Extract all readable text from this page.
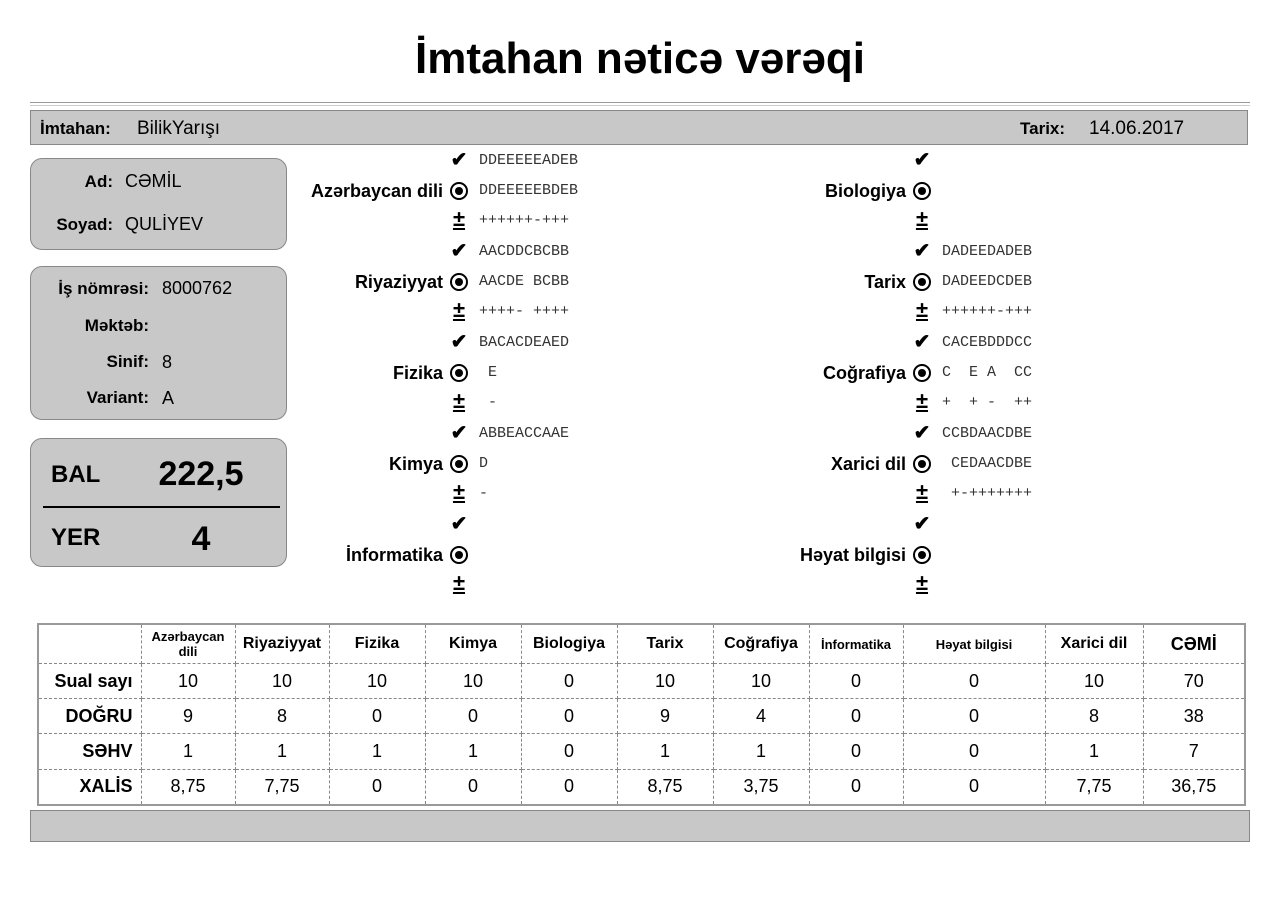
İmtahan nəticə vərəqi
İmtahan: BilikYarışı	Tarix: 14.06.2017
Ad: CƏMİL
Soyad: QULİYEV
İş nömrəsi: 8000762
Məktəb:
Sinif: 8
Variant: A
BAL	222,5
YER	4
✔
±
Azərbaycan dili
DDEEEEEADEB
DDEEEEEBDEB
++++++-+++
✔
±
Riyaziyyat
AACDDCBCBB
AACDE BCBB
++++- ++++
✔
±
Fizika
BACACDEAED
E
-
✔
±
Kimya
ABBEACCAAE
D
-
✔
±
İnformatika
✔
±
Biologiya
✔
±
Tarix
DADEEDADEB
DADEEDCDEB
++++++-+++
✔
±
Coğrafiya
CACEBDDDCC
C  E A  CC
+  + -  ++
✔
±
Xarici dil
CCBDAACDBE
CEDAACDBE
+-+++++++
✔
±
Həyat bilgisi
	Azərbaycan dili	Riyaziyyat	Fizika	Kimya	Biologiya	Tarix	Coğrafiya	İnformatika	Həyat bilgisi	Xarici dil	CƏMİ
Sual sayı	10	10	10	10	0	10	10	0	0	10	70
DOĞRU	9	8	0	0	0	9	4	0	0	8	38
SƏHV	1	1	1	1	0	1	1	0	0	1	7
XALİS	8,75	7,75	0	0	0	8,75	3,75	0	0	7,75	36,75
